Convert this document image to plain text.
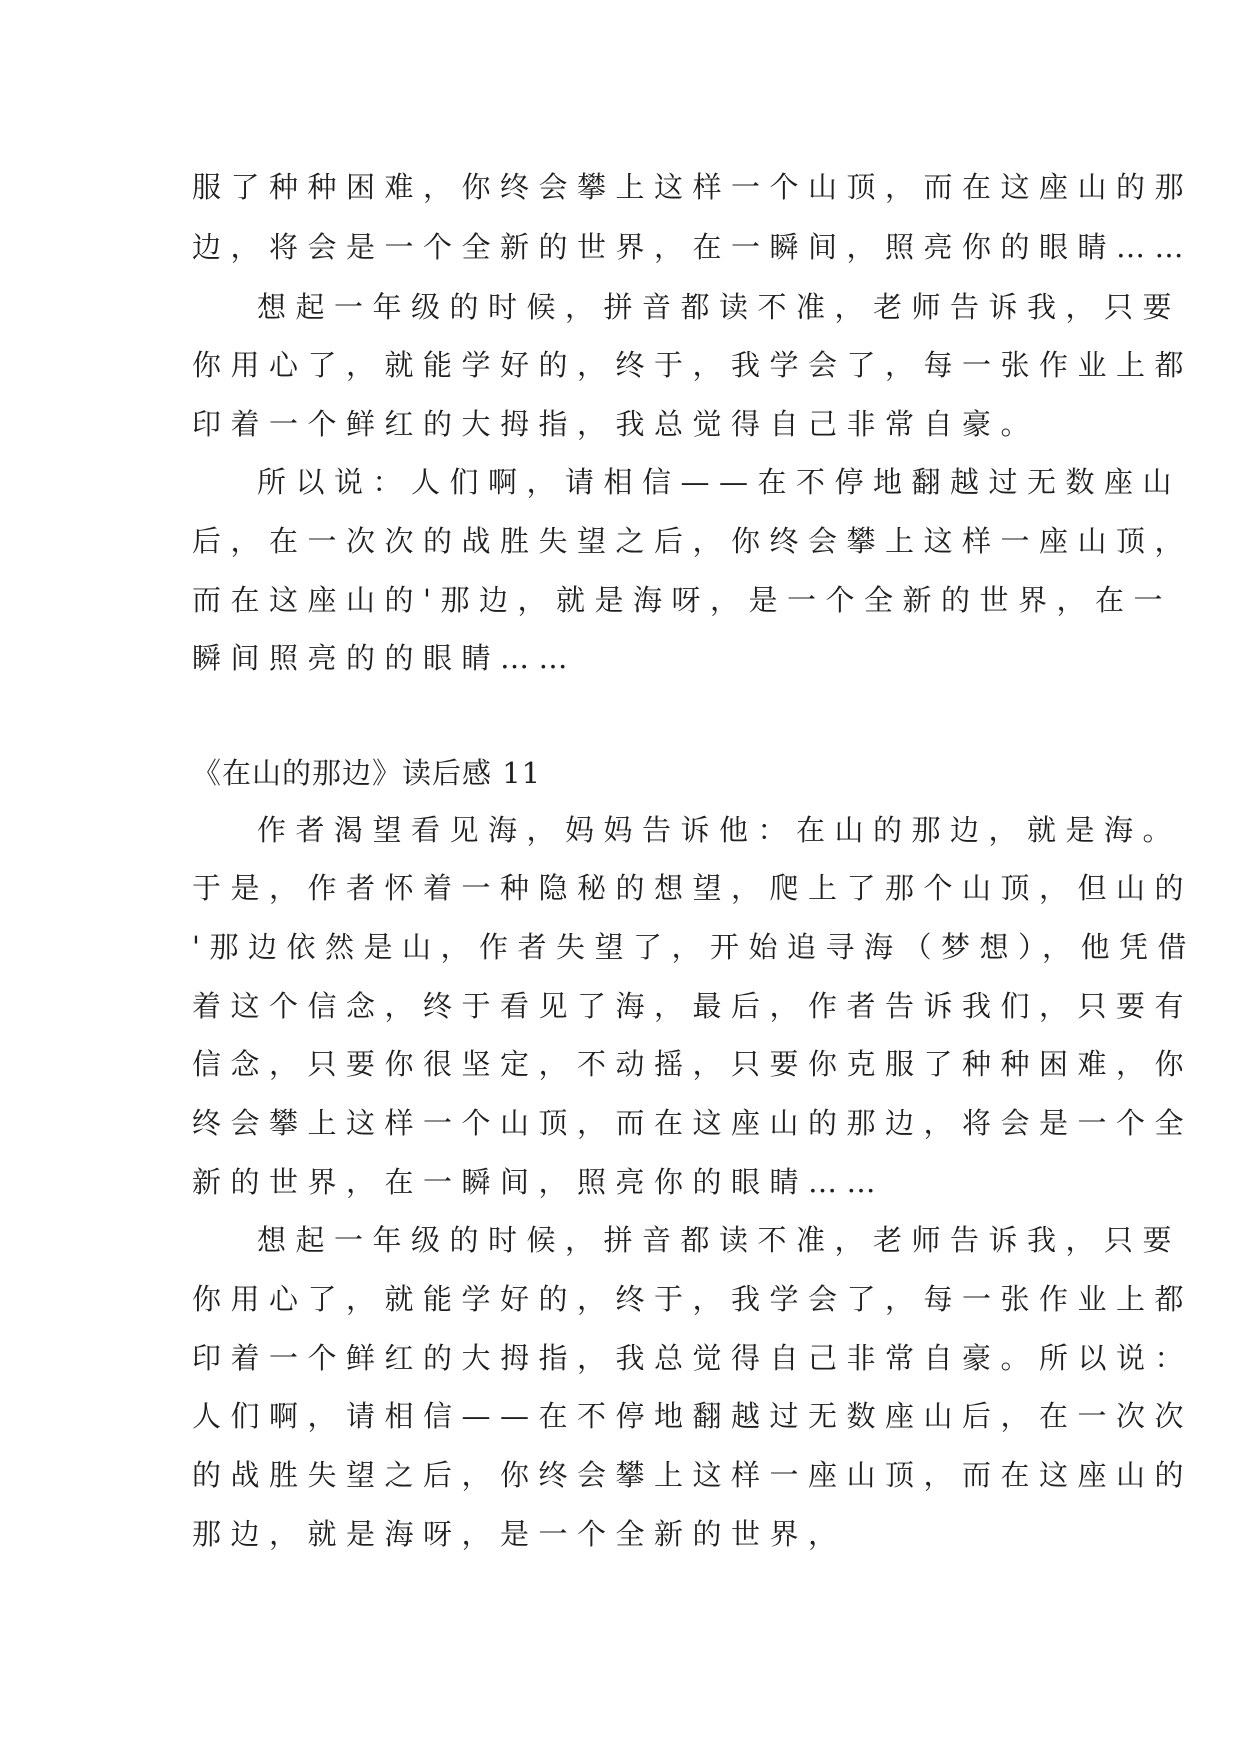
服了种种困难，你终会攀上这样一个山顶，而在这座山的那
边，将会是一个全新的世界，在一瞬间，照亮你的眼睛……
想起一年级的时候，拼音都读不准，老师告诉我，只要
你用心了，就能学好的，终于，我学会了，每一张作业上都
印着一个鲜红的大拇指，我总觉得自己非常自豪。
所以说：人们啊，请相信——在不停地翻越过无数座山
后，在一次次的战胜失望之后，你终会攀上这样一座山顶，
而在这座山的'那边，就是海呀，是一个全新的世界，在一
瞬间照亮的的眼睛……
《在山的那边》读后感 11
作者渴望看见海，妈妈告诉他：在山的那边，就是海。
于是，作者怀着一种隐秘的想望，爬上了那个山顶，但山的
'那边依然是山，作者失望了，开始追寻海（梦想），他凭借
着这个信念，终于看见了海，最后，作者告诉我们，只要有
信念，只要你很坚定，不动摇，只要你克服了种种困难，你
终会攀上这样一个山顶，而在这座山的那边，将会是一个全
新的世界，在一瞬间，照亮你的眼睛……
想起一年级的时候，拼音都读不准，老师告诉我，只要
你用心了，就能学好的，终于，我学会了，每一张作业上都
印着一个鲜红的大拇指，我总觉得自己非常自豪。所以说：
人们啊，请相信——在不停地翻越过无数座山后，在一次次
的战胜失望之后，你终会攀上这样一座山顶，而在这座山的
那边，就是海呀，是一个全新的世界，
